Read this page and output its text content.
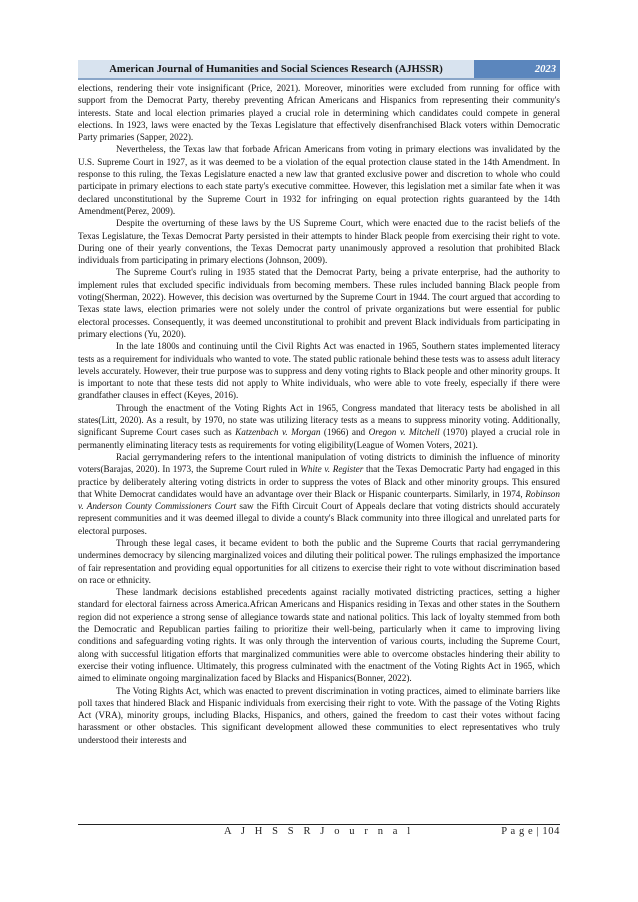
American Journal of Humanities and Social Sciences Research (AJHSSR)	2023

elections, rendering their vote insignificant (Price, 2021). Moreover, minorities were excluded from running for office with support from the Democrat Party, thereby preventing African Americans and Hispanics from representing their community's interests. State and local election primaries played a crucial role in determining which candidates could compete in general elections. In 1923, laws were enacted by the Texas Legislature that effectively disenfranchised Black voters within Democratic Party primaries (Sapper, 2022).

Nevertheless, the Texas law that forbade African Americans from voting in primary elections was invalidated by the U.S. Supreme Court in 1927, as it was deemed to be a violation of the equal protection clause stated in the 14th Amendment. In response to this ruling, the Texas Legislature enacted a new law that granted exclusive power and discretion to whole who could participate in primary elections to each state party's executive committee. However, this legislation met a similar fate when it was declared unconstitutional by the Supreme Court in 1932 for infringing on equal protection rights guaranteed by the 14th Amendment(Perez, 2009).

Despite the overturning of these laws by the US Supreme Court, which were enacted due to the racist beliefs of the Texas Legislature, the Texas Democrat Party persisted in their attempts to hinder Black people from exercising their right to vote. During one of their yearly conventions, the Texas Democrat party unanimously approved a resolution that prohibited Black individuals from participating in primary elections (Johnson, 2009).

The Supreme Court's ruling in 1935 stated that the Democrat Party, being a private enterprise, had the authority to implement rules that excluded specific individuals from becoming members. These rules included banning Black people from voting(Sherman, 2022). However, this decision was overturned by the Supreme Court in 1944. The court argued that according to Texas state laws, election primaries were not solely under the control of private organizations but were essential for public electoral processes. Consequently, it was deemed unconstitutional to prohibit and prevent Black individuals from participating in primary elections (Yu, 2020).

In the late 1800s and continuing until the Civil Rights Act was enacted in 1965, Southern states implemented literacy tests as a requirement for individuals who wanted to vote. The stated public rationale behind these tests was to assess adult literacy levels accurately. However, their true purpose was to suppress and deny voting rights to Black people and other minority groups. It is important to note that these tests did not apply to White individuals, who were able to vote freely, especially if there were grandfather clauses in effect (Keyes, 2016).

Through the enactment of the Voting Rights Act in 1965, Congress mandated that literacy tests be abolished in all states(Litt, 2020). As a result, by 1970, no state was utilizing literacy tests as a means to suppress minority voting. Additionally, significant Supreme Court cases such as Katzenbach v. Morgan (1966) and Oregon v. Mitchell (1970) played a crucial role in permanently eliminating literacy tests as requirements for voting eligibility(League of Women Voters, 2021).

Racial gerrymandering refers to the intentional manipulation of voting districts to diminish the influence of minority voters(Barajas, 2020). In 1973, the Supreme Court ruled in White v. Register that the Texas Democratic Party had engaged in this practice by deliberately altering voting districts in order to suppress the votes of Black and other minority groups. This ensured that White Democrat candidates would have an advantage over their Black or Hispanic counterparts. Similarly, in 1974, Robinson v. Anderson County Commissioners Court saw the Fifth Circuit Court of Appeals declare that voting districts should accurately represent communities and it was deemed illegal to divide a county's Black community into three illogical and unrelated parts for electoral purposes.

Through these legal cases, it became evident to both the public and the Supreme Courts that racial gerrymandering undermines democracy by silencing marginalized voices and diluting their political power. The rulings emphasized the importance of fair representation and providing equal opportunities for all citizens to exercise their right to vote without discrimination based on race or ethnicity.

These landmark decisions established precedents against racially motivated districting practices, setting a higher standard for electoral fairness across America.African Americans and Hispanics residing in Texas and other states in the Southern region did not experience a strong sense of allegiance towards state and national politics. This lack of loyalty stemmed from both the Democratic and Republican parties failing to prioritize their well-being, particularly when it came to improving living conditions and safeguarding voting rights. It was only through the intervention of various courts, including the Supreme Court, along with successful litigation efforts that marginalized communities were able to overcome obstacles hindering their ability to exercise their voting influence. Ultimately, this progress culminated with the enactment of the Voting Rights Act in 1965, which aimed to eliminate ongoing marginalization faced by Blacks and Hispanics(Bonner, 2022).

The Voting Rights Act, which was enacted to prevent discrimination in voting practices, aimed to eliminate barriers like poll taxes that hindered Black and Hispanic individuals from exercising their right to vote. With the passage of the Voting Rights Act (VRA), minority groups, including Blacks, Hispanics, and others, gained the freedom to cast their votes without facing harassment or other obstacles. This significant development allowed these communities to elect representatives who truly understood their interests and

A J H S S R J o u r n a l	P a g e | 104
